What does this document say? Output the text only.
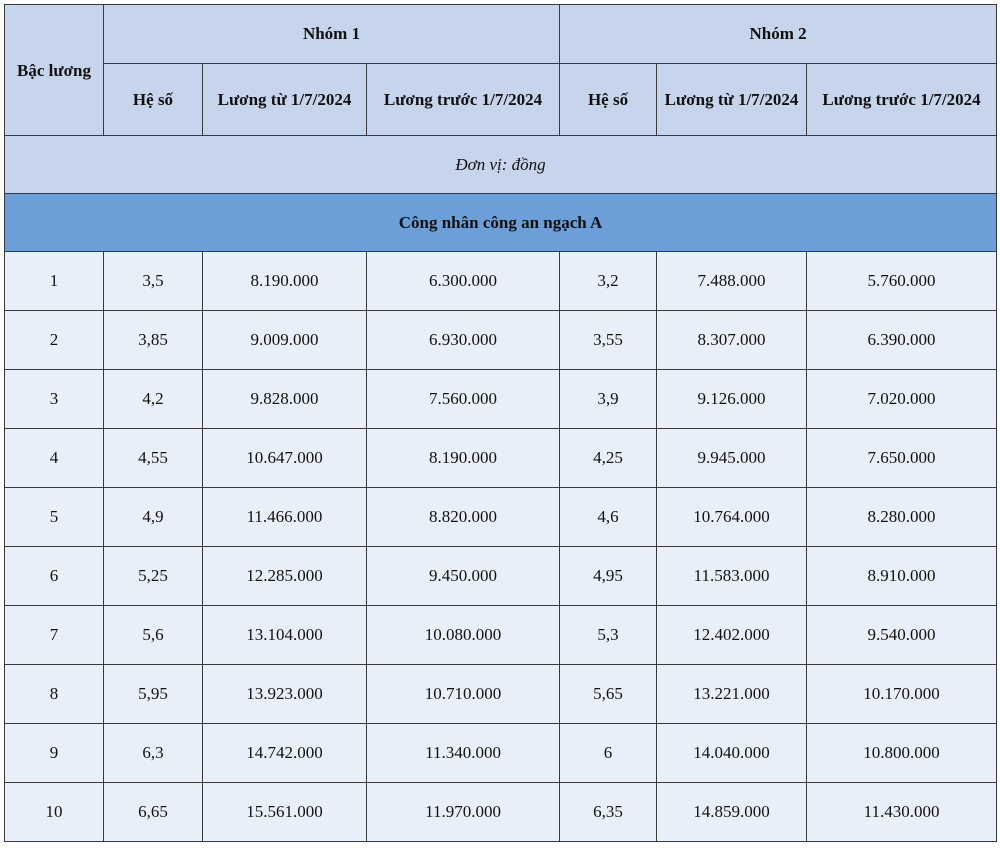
Bậc lương	Nhóm 1			Nhóm 2		
	Hệ số	Lương từ 1/7/2024	Lương trước 1/7/2024	Hệ số	Lương từ 1/7/2024	Lương trước 1/7/2024
Đơn vị: đồng						
Công nhân công an ngạch A						
1	3,5	8.190.000	6.300.000	3,2	7.488.000	5.760.000
2	3,85	9.009.000	6.930.000	3,55	8.307.000	6.390.000
3	4,2	9.828.000	7.560.000	3,9	9.126.000	7.020.000
4	4,55	10.647.000	8.190.000	4,25	9.945.000	7.650.000
5	4,9	11.466.000	8.820.000	4,6	10.764.000	8.280.000
6	5,25	12.285.000	9.450.000	4,95	11.583.000	8.910.000
7	5,6	13.104.000	10.080.000	5,3	12.402.000	9.540.000
8	5,95	13.923.000	10.710.000	5,65	13.221.000	10.170.000
9	6,3	14.742.000	11.340.000	6	14.040.000	10.800.000
10	6,65	15.561.000	11.970.000	6,35	14.859.000	11.430.000
